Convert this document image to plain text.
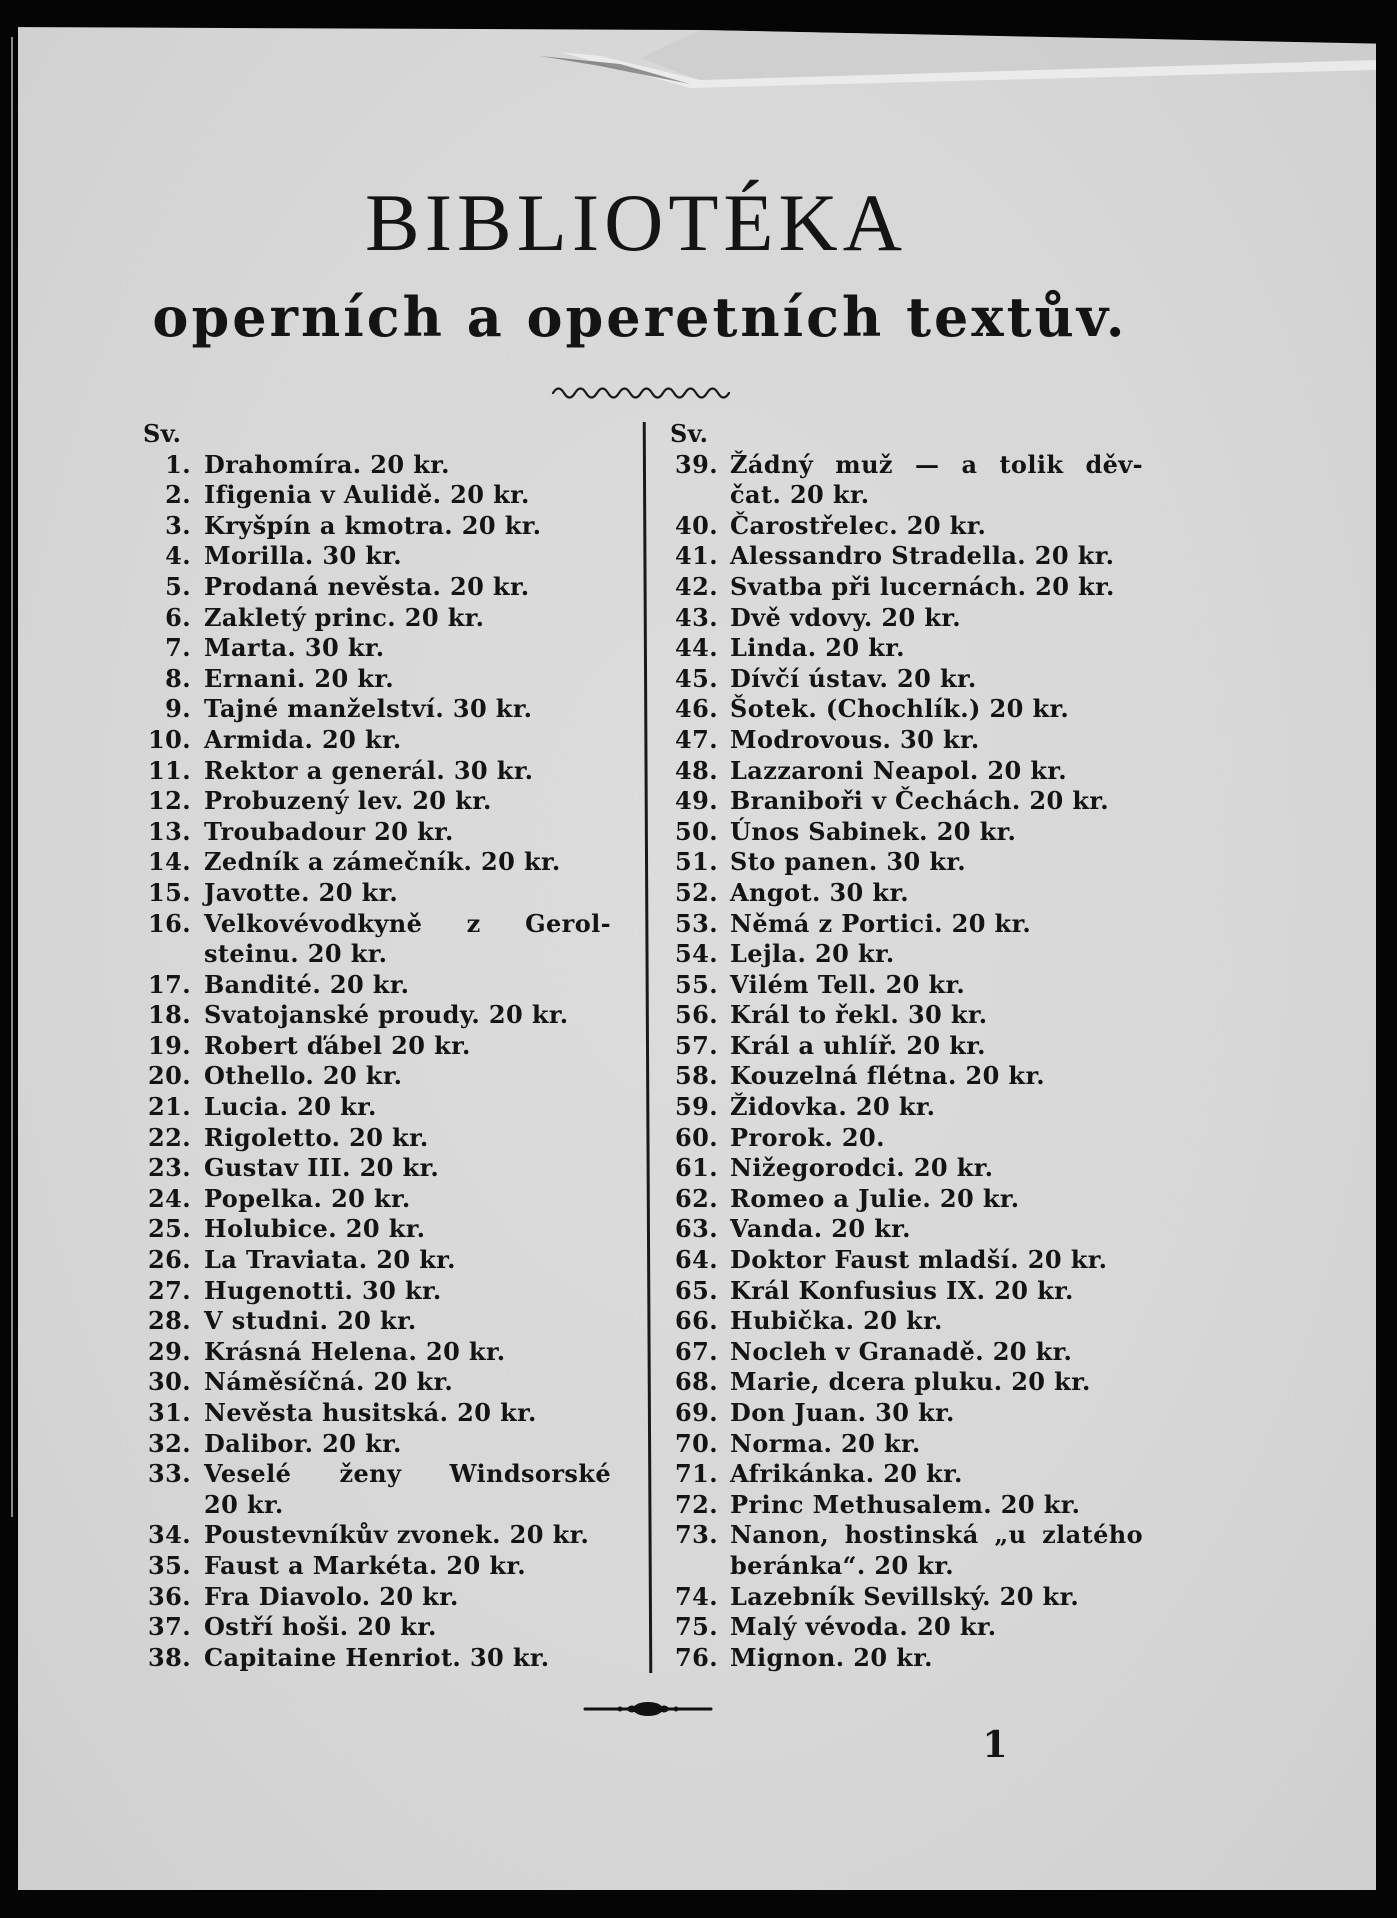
BIBLIOTÉKA
operních a operetních textův.
Sv.
1. Drahomíra. 20 kr.
2. Ifigenia v Aulidě. 20 kr.
3. Kryšpín a kmotra. 20 kr.
4. Morilla. 30 kr.
5. Prodaná nevěsta. 20 kr.
6. Zakletý princ. 20 kr.
7. Marta. 30 kr.
8. Ernani. 20 kr.
9. Tajné manželství. 30 kr.
10. Armida. 20 kr.
11. Rektor a generál. 30 kr.
12. Probuzený lev. 20 kr.
13. Troubadour 20 kr.
14. Zedník a zámečník. 20 kr.
15. Javotte. 20 kr.
16. Velkovévodkyně z Gerol-
steinu. 20 kr.
17. Bandité. 20 kr.
18. Svatojanské proudy. 20 kr.
19. Robert ďábel 20 kr.
20. Othello. 20 kr.
21. Lucia. 20 kr.
22. Rigoletto. 20 kr.
23. Gustav III. 20 kr.
24. Popelka. 20 kr.
25. Holubice. 20 kr.
26. La Traviata. 20 kr.
27. Hugenotti. 30 kr.
28. V studni. 20 kr.
29. Krásná Helena. 20 kr.
30. Náměsíčná. 20 kr.
31. Nevěsta husitská. 20 kr.
32. Dalibor. 20 kr.
33. Veselé ženy Windsorské
20 kr.
34. Poustevníkův zvonek. 20 kr.
35. Faust a Markéta. 20 kr.
36. Fra Diavolo. 20 kr.
37. Ostří hoši. 20 kr.
38. Capitaine Henriot. 30 kr.
Sv.
39. Žádný muž — a tolik děv-
čat. 20 kr.
40. Čarostřelec. 20 kr.
41. Alessandro Stradella. 20 kr.
42. Svatba při lucernách. 20 kr.
43. Dvě vdovy. 20 kr.
44. Linda. 20 kr.
45. Dívčí ústav. 20 kr.
46. Šotek. (Chochlík.) 20 kr.
47. Modrovous. 30 kr.
48. Lazzaroni Neapol. 20 kr.
49. Braniboři v Čechách. 20 kr.
50. Únos Sabinek. 20 kr.
51. Sto panen. 30 kr.
52. Angot. 30 kr.
53. Němá z Portici. 20 kr.
54. Lejla. 20 kr.
55. Vilém Tell. 20 kr.
56. Král to řekl. 30 kr.
57. Král a uhlíř. 20 kr.
58. Kouzelná flétna. 20 kr.
59. Židovka. 20 kr.
60. Prorok. 20.
61. Nižegorodci. 20 kr.
62. Romeo a Julie. 20 kr.
63. Vanda. 20 kr.
64. Doktor Faust mladší. 20 kr.
65. Král Konfusius IX. 20 kr.
66. Hubička. 20 kr.
67. Nocleh v Granadě. 20 kr.
68. Marie, dcera pluku. 20 kr.
69. Don Juan. 30 kr.
70. Norma. 20 kr.
71. Afrikánka. 20 kr.
72. Princ Methusalem. 20 kr.
73. Nanon, hostinská „u zlatého
beránka“. 20 kr.
74. Lazebník Sevillský. 20 kr.
75. Malý vévoda. 20 kr.
76. Mignon. 20 kr.
1
